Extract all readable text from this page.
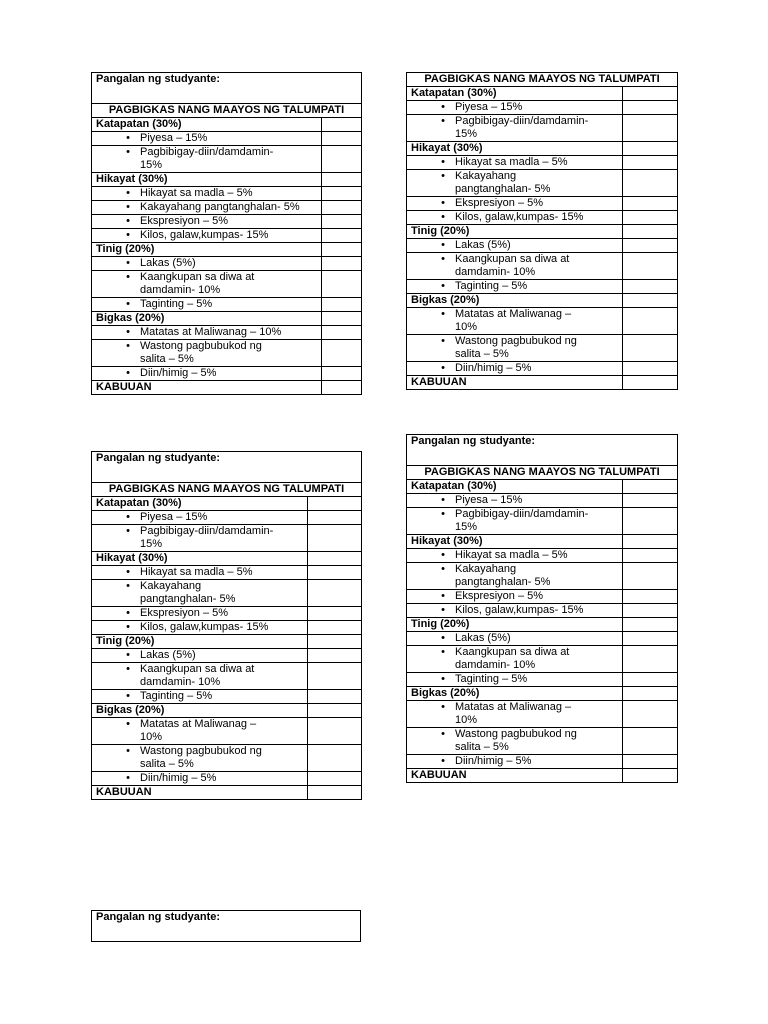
Pangalan ng studyante:	
PAGBIGKAS NANG MAAYOS NG TALUMPATI	
Katapatan (30%)	

• Piyesa – 15%	

• Pagbibigay-diin/damdamin-
15%	

Hikayat (30%)	

• Hikayat sa madla – 5%	

• Kakayahang pangtanghalan- 5%	

• Ekspresiyon – 5%	

• Kilos, galaw,kumpas- 15%	

Tinig (20%)	

• Lakas (5%)	

• Kaangkupan sa diwa at
damdamin- 10%	

• Taginting – 5%	

Bigkas (20%)	

• Matatas at Maliwanag – 10%	

• Wastong pagbubukod ng
salita – 5%	

• Diin/himig – 5%	

KABUUAN	
PAGBIGKAS NANG MAAYOS NG TALUMPATI	
Katapatan (30%)	

• Piyesa – 15%	

• Pagbibigay-diin/damdamin-
15%	

Hikayat (30%)	

• Hikayat sa madla – 5%	

• Kakayahang
pangtanghalan- 5%	

• Ekspresiyon – 5%	

• Kilos, galaw,kumpas- 15%	

Tinig (20%)	

• Lakas (5%)	

• Kaangkupan sa diwa at
damdamin- 10%	

• Taginting – 5%	

Bigkas (20%)	

• Matatas at Maliwanag –
10%	

• Wastong pagbubukod ng
salita – 5%	

• Diin/himig – 5%	

KABUUAN	
Pangalan ng studyante:	
PAGBIGKAS NANG MAAYOS NG TALUMPATI	
Katapatan (30%)	

• Piyesa – 15%	

• Pagbibigay-diin/damdamin-
15%	

Hikayat (30%)	

• Hikayat sa madla – 5%	

• Kakayahang
pangtanghalan- 5%	

• Ekspresiyon – 5%	

• Kilos, galaw,kumpas- 15%	

Tinig (20%)	

• Lakas (5%)	

• Kaangkupan sa diwa at
damdamin- 10%	

• Taginting – 5%	

Bigkas (20%)	

• Matatas at Maliwanag –
10%	

• Wastong pagbubukod ng
salita – 5%	

• Diin/himig – 5%	

KABUUAN	
Pangalan ng studyante:	
PAGBIGKAS NANG MAAYOS NG TALUMPATI	
Katapatan (30%)	

• Piyesa – 15%	

• Pagbibigay-diin/damdamin-
15%	

Hikayat (30%)	

• Hikayat sa madla – 5%	

• Kakayahang
pangtanghalan- 5%	

• Ekspresiyon – 5%	

• Kilos, galaw,kumpas- 15%	

Tinig (20%)	

• Lakas (5%)	

• Kaangkupan sa diwa at
damdamin- 10%	

• Taginting – 5%	

Bigkas (20%)	

• Matatas at Maliwanag –
10%	

• Wastong pagbubukod ng
salita – 5%	

• Diin/himig – 5%	

KABUUAN	
Pangalan ng studyante:
